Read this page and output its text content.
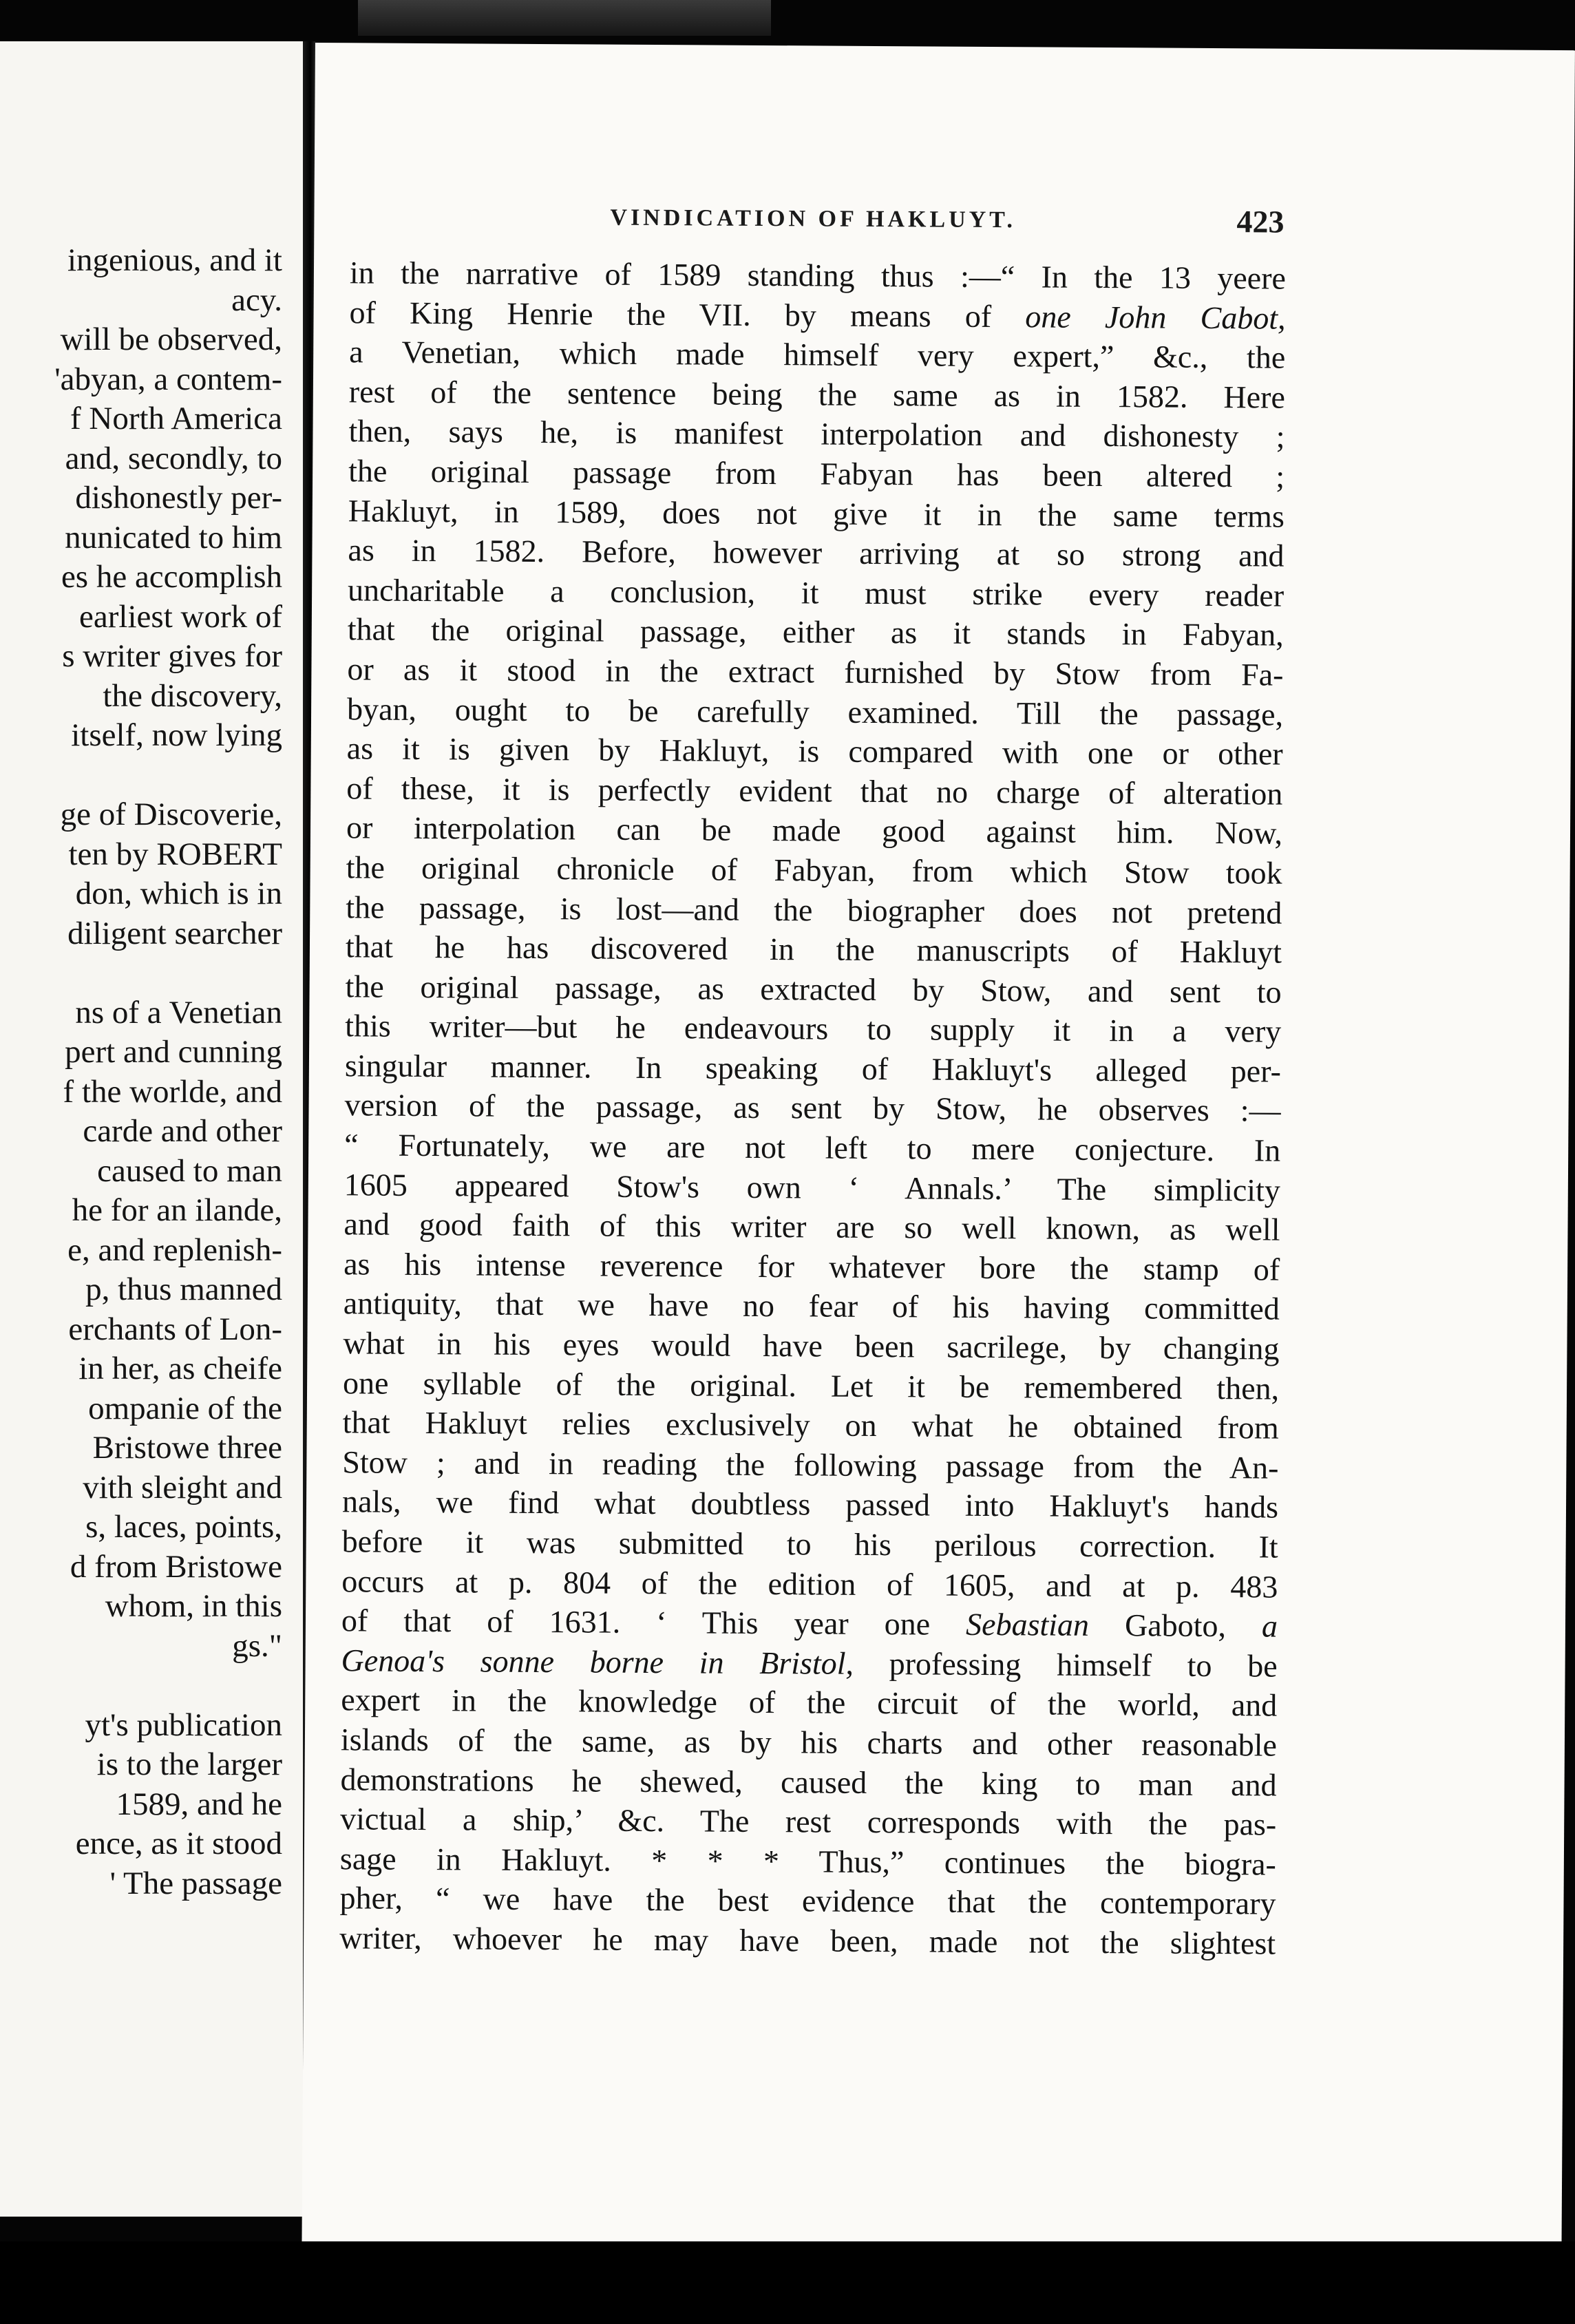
ingenious, and it
acy.
will be observed,
'abyan, a contem-
f North America
and, secondly, to
dishonestly per-
nunicated to him
es he accomplish
earliest work of
s writer gives for
the discovery,
itself, now lying
ge of Discoverie,
ten by ROBERT
don, which is in
diligent searcher
ns of a Venetian
pert and cunning
f the worlde, and
carde and other
caused to man
he for an ilande,
e, and replenish-
p, thus manned
erchants of Lon-
in her, as cheife
ompanie of the
Bristowe three
vith sleight and
s, laces, points,
d from Bristowe
whom, in this
gs."
yt's publication
is to the larger
1589, and he
ence, as it stood
' The passage
VINDICATION OF HAKLUYT.	423
in the narrative of 1589 standing thus :—“ In the 13 yeere
of King Henrie the VII. by means of one John Cabot,
a Venetian, which made himself very expert,” &c., the
rest of the sentence being the same as in 1582. Here
then, says he, is manifest interpolation and dishonesty ;
the original passage from Fabyan has been altered ;
Hakluyt, in 1589, does not give it in the same terms
as in 1582. Before, however arriving at so strong and
uncharitable a conclusion, it must strike every reader
that the original passage, either as it stands in Fabyan,
or as it stood in the extract furnished by Stow from Fa-
byan, ought to be carefully examined. Till the passage,
as it is given by Hakluyt, is compared with one or other
of these, it is perfectly evident that no charge of alteration
or interpolation can be made good against him. Now,
the original chronicle of Fabyan, from which Stow took
the passage, is lost—and the biographer does not pretend
that he has discovered in the manuscripts of Hakluyt
the original passage, as extracted by Stow, and sent to
this writer—but he endeavours to supply it in a very
singular manner. In speaking of Hakluyt's alleged per-
version of the passage, as sent by Stow, he observes :—
“ Fortunately, we are not left to mere conjecture. In
1605 appeared Stow's own ‘ Annals.’ The simplicity
and good faith of this writer are so well known, as well
as his intense reverence for whatever bore the stamp of
antiquity, that we have no fear of his having committed
what in his eyes would have been sacrilege, by changing
one syllable of the original. Let it be remembered then,
that Hakluyt relies exclusively on what he obtained from
Stow ; and in reading the following passage from the An-
nals, we find what doubtless passed into Hakluyt's hands
before it was submitted to his perilous correction. It
occurs at p. 804 of the edition of 1605, and at p. 483
of that of 1631. ‘ This year one Sebastian Gaboto, a
Genoa's sonne borne in Bristol, professing himself to be
expert in the knowledge of the circuit of the world, and
islands of the same, as by his charts and other reasonable
demonstrations he shewed, caused the king to man and
victual a ship,’ &c. The rest corresponds with the pas-
sage in Hakluyt. * * * Thus,” continues the biogra-
pher, “ we have the best evidence that the contemporary
writer, whoever he may have been, made not the slightest
